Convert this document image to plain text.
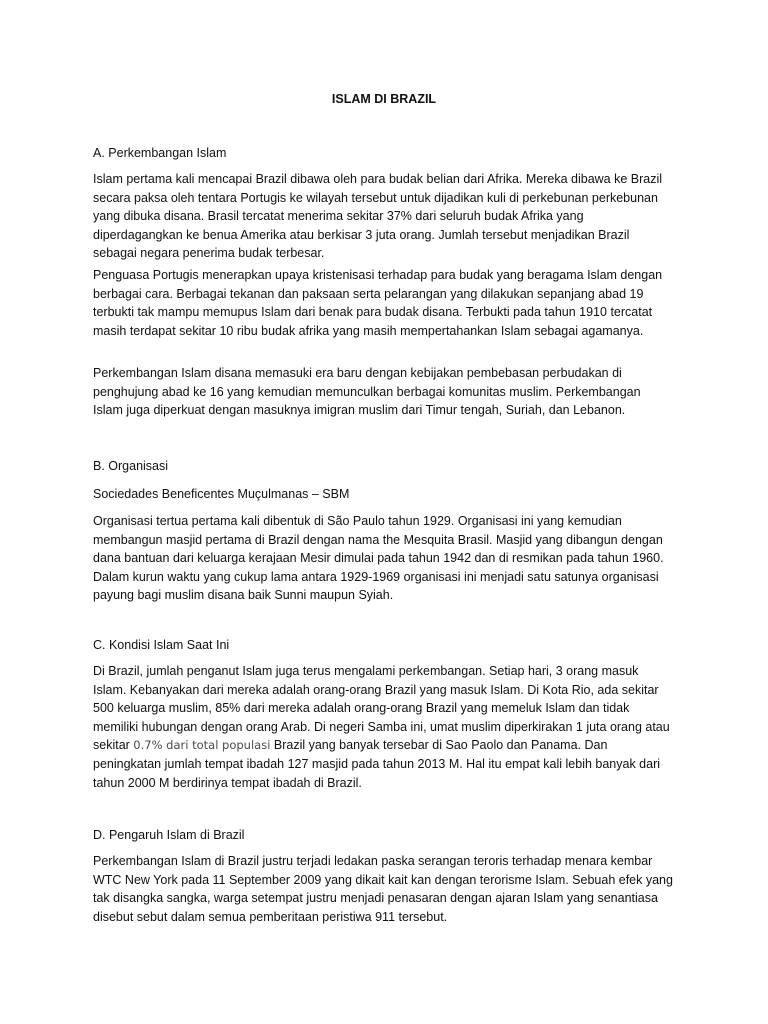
ISLAM DI BRAZIL

A. Perkembangan Islam

Islam pertama kali mencapai Brazil dibawa oleh para budak belian dari Afrika. Mereka dibawa ke Brazil secara paksa oleh tentara Portugis ke wilayah tersebut untuk dijadikan kuli di perkebunan perkebunan yang dibuka disana. Brasil tercatat menerima sekitar 37% dari seluruh budak Afrika yang diperdagangkan ke benua Amerika atau berkisar 3 juta orang. Jumlah tersebut menjadikan Brazil sebagai negara penerima budak terbesar.

Penguasa Portugis menerapkan upaya kristenisasi terhadap para budak yang beragama Islam dengan berbagai cara. Berbagai tekanan dan paksaan serta pelarangan yang dilakukan sepanjang abad 19 terbukti tak mampu memupus Islam dari benak para budak disana. Terbukti pada tahun 1910 tercatat masih terdapat sekitar 10 ribu budak afrika yang masih mempertahankan Islam sebagai agamanya.

Perkembangan Islam disana memasuki era baru dengan kebijakan pembebasan perbudakan di penghujung abad ke 16 yang kemudian memunculkan berbagai komunitas muslim. Perkembangan Islam juga diperkuat dengan masuknya imigran muslim dari Timur tengah, Suriah, dan Lebanon.

B. Organisasi

Sociedades Beneficentes Muçulmanas – SBM

Organisasi tertua pertama kali dibentuk di São Paulo tahun 1929. Organisasi ini yang kemudian membangun masjid pertama di Brazil dengan nama the Mesquita Brasil. Masjid yang dibangun dengan dana bantuan dari keluarga kerajaan Mesir dimulai pada tahun 1942 dan di resmikan pada tahun 1960. Dalam kurun waktu yang cukup lama antara 1929-1969 organisasi ini menjadi satu satunya organisasi payung bagi muslim disana baik Sunni maupun Syiah.

C. Kondisi Islam Saat Ini

Di Brazil, jumlah penganut Islam juga terus mengalami perkembangan. Setiap hari, 3 orang masuk Islam. Kebanyakan dari mereka adalah orang-orang Brazil yang masuk Islam. Di Kota Rio, ada sekitar 500 keluarga muslim, 85% dari mereka adalah orang-orang Brazil yang memeluk Islam dan tidak memiliki hubungan dengan orang Arab. Di negeri Samba ini, umat muslim diperkirakan 1 juta orang atau sekitar 0.7% dari total populasi Brazil yang banyak tersebar di Sao Paolo dan Panama. Dan peningkatan jumlah tempat ibadah 127 masjid pada tahun 2013 M. Hal itu empat kali lebih banyak dari tahun 2000 M berdirinya tempat ibadah di Brazil.

D. Pengaruh Islam di Brazil

Perkembangan Islam di Brazil justru terjadi ledakan paska serangan teroris terhadap menara kembar WTC New York pada 11 September 2009 yang dikait kait kan dengan terorisme Islam. Sebuah efek yang tak disangka sangka, warga setempat justru menjadi penasaran dengan ajaran Islam yang senantiasa disebut sebut dalam semua pemberitaan peristiwa 911 tersebut.
